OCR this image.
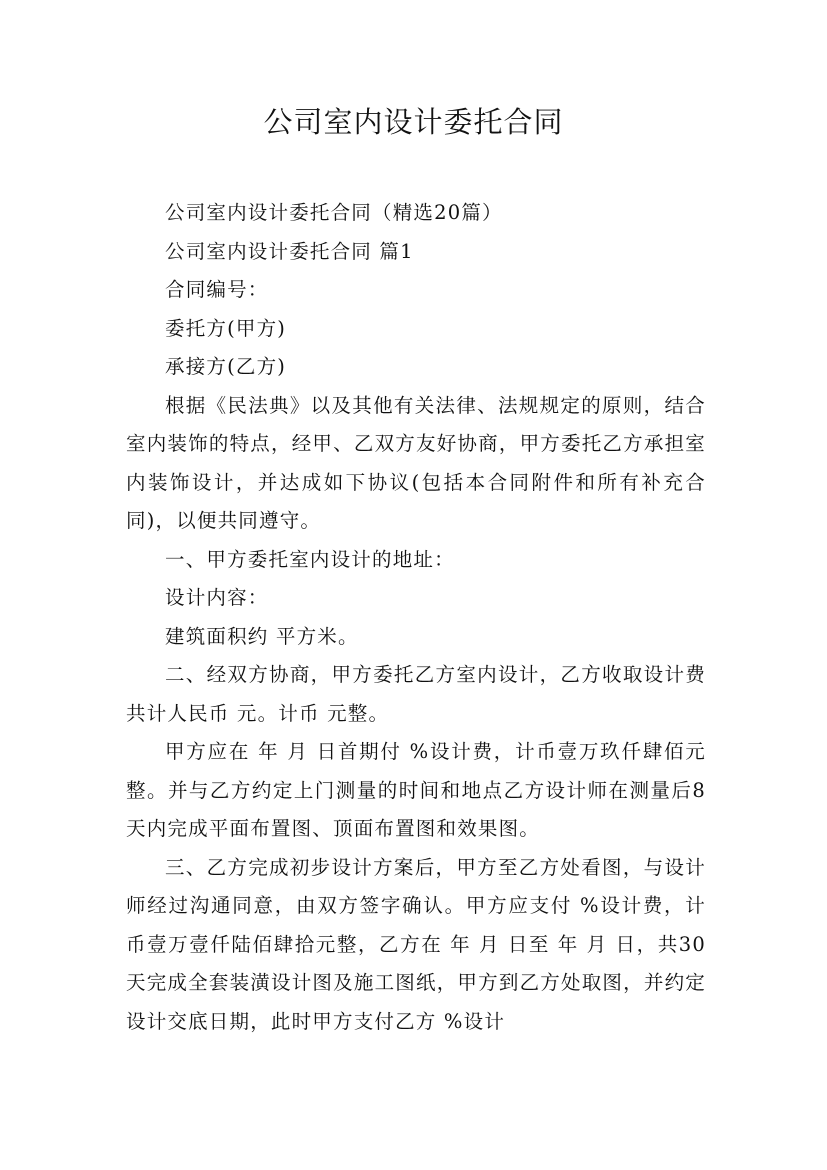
公司室内设计委托合同

公司室内设计委托合同（精选20篇）

公司室内设计委托合同 篇1

合同编号：

委托方(甲方)

承接方(乙方)

根据《民法典》以及其他有关法律、法规规定的原则，结合室内装饰的特点，经甲、乙双方友好协商，甲方委托乙方承担室内装饰设计，并达成如下协议(包括本合同附件和所有补充合同)，以便共同遵守。

一、甲方委托室内设计的地址：

设计内容：

建筑面积约 平方米。

二、经双方协商，甲方委托乙方室内设计，乙方收取设计费共计人民币 元。计币 元整。

甲方应在 年 月 日首期付 %设计费，计币壹万玖仟肆佰元整。并与乙方约定上门测量的时间和地点乙方设计师在测量后8天内完成平面布置图、顶面布置图和效果图。

三、乙方完成初步设计方案后，甲方至乙方处看图，与设计师经过沟通同意，由双方签字确认。甲方应支付 %设计费，计币壹万壹仟陆佰肆拾元整，乙方在 年 月 日至 年 月 日，共30天完成全套装潢设计图及施工图纸，甲方到乙方处取图，并约定设计交底日期，此时甲方支付乙方 %设计
